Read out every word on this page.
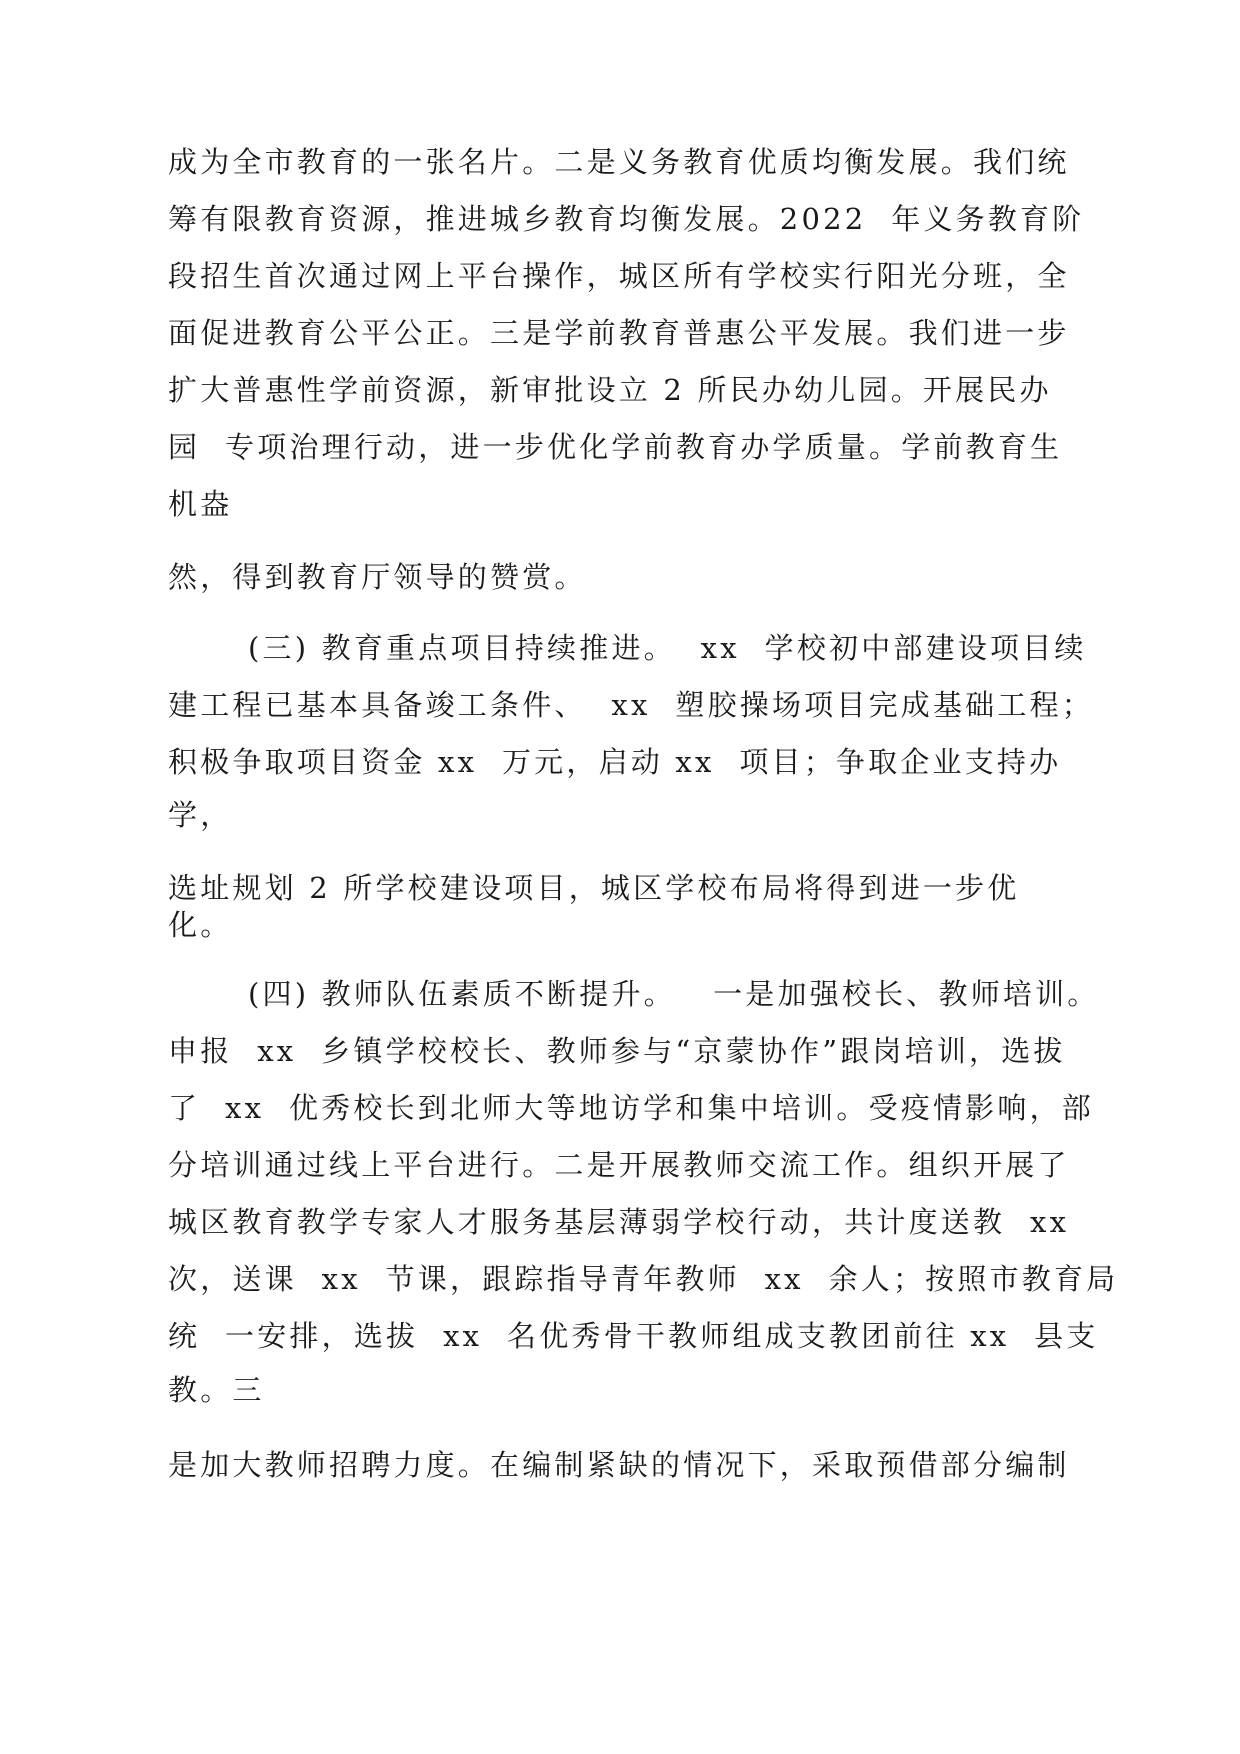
成为全市教育的一张名片。二是义务教育优质均衡发展。我们统
筹有限教育资源，推进城乡教育均衡发展。2022  年义务教育阶
段招生首次通过网上平台操作，城区所有学校实行阳光分班，全
面促进教育公平公正。三是学前教育普惠公平发展。我们进一步
扩大普惠性学前资源，新审批设立 2 所民办幼儿园。开展民办
园  专项治理行动，进一步优化学前教育办学质量。学前教育生
机盎
然，得到教育厅领导的赞赏。
(三) 教育重点项目持续推进。  xx  学校初中部建设项目续
建工程已基本具备竣工条件、  xx  塑胶操场项目完成基础工程；
积极争取项目资金 xx  万元，启动 xx  项目；争取企业支持办
学，
选址规划 2 所学校建设项目，城区学校布局将得到进一步优
化。
(四) 教师队伍素质不断提升。   一是加强校长、教师培训。
申报  xx  乡镇学校校长、教师参与“京蒙协作”跟岗培训，选拔
了  xx  优秀校长到北师大等地访学和集中培训。受疫情影响，部
分培训通过线上平台进行。二是开展教师交流工作。组织开展了
城区教育教学专家人才服务基层薄弱学校行动，共计度送教  xx
次，送课  xx  节课，跟踪指导青年教师  xx  余人；按照市教育局
统  一安排，选拔  xx  名优秀骨干教师组成支教团前往 xx  县支
教。三
是加大教师招聘力度。在编制紧缺的情况下，采取预借部分编制
